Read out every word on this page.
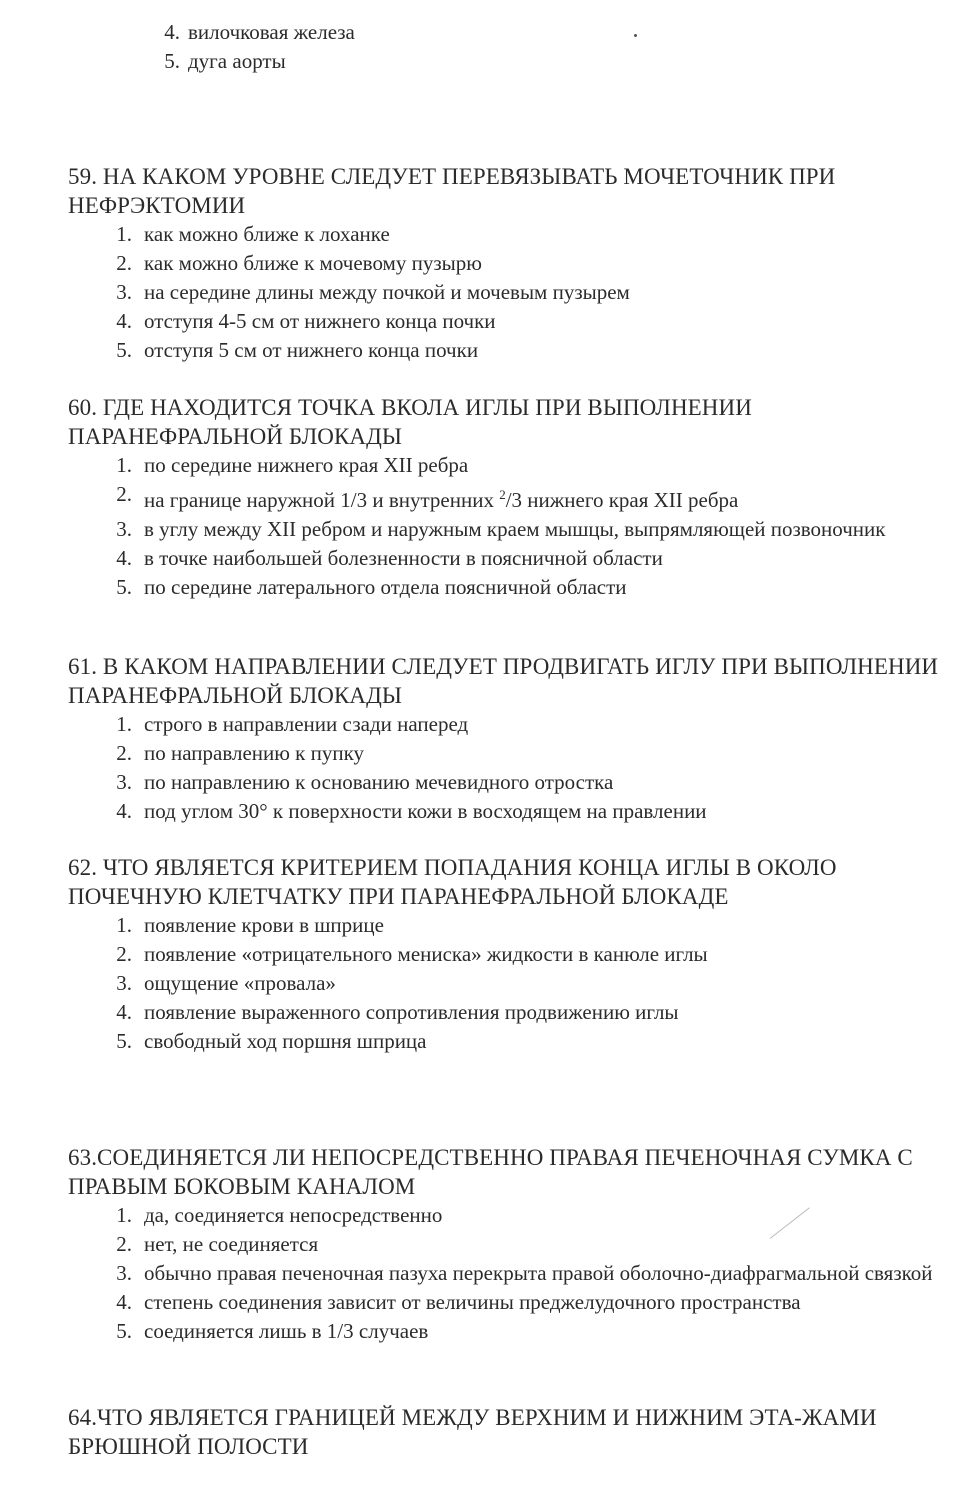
4. вилочковая железа
5. дуга аорты

59. НА КАКОМ УРОВНЕ СЛЕДУЕТ ПЕРЕВЯЗЫВАТЬ МОЧЕТОЧНИК ПРИ НЕФРЭКТОМИИ

1. как можно ближе к лоханке
2. как можно ближе к мочевому пузырю
3. на середине длины между почкой и мочевым пузырем
4. отступя 4-5 см от нижнего конца почки
5. отступя 5 см от нижнего конца почки

60. ГДЕ НАХОДИТСЯ ТОЧКА ВКОЛА ИГЛЫ ПРИ ВЫПОЛНЕНИИ ПАРАНЕФРАЛЬНОЙ БЛОКАДЫ

1. по середине нижнего края XII ребра
2. на границе наружной 1/3 и внутренних $^2$/3 нижнего края XII ребра
3. в углу между XII ребром и наружным краем мышцы, выпрямляющей позвоночник
4. в точке наибольшей болезненности в поясничной области
5. по середине латерального отдела поясничной области

61. В КАКОМ НАПРАВЛЕНИИ СЛЕДУЕТ ПРОДВИГАТЬ ИГЛУ ПРИ ВЫПОЛНЕНИИ ПАРАНЕФРАЛЬНОЙ БЛОКАДЫ

1. строго в направлении сзади наперед
2. по направлению к пупку
3. по направлению к основанию мечевидного отростка
4. под углом 30° к поверхности кожи в восходящем на правлении

62. ЧТО ЯВЛЯЕТСЯ КРИТЕРИЕМ ПОПАДАНИЯ КОНЦА ИГЛЫ В ОКОЛО ПОЧЕЧНУЮ КЛЕТЧАТКУ ПРИ ПАРАНЕФРАЛЬНОЙ БЛОКАДЕ

1. появление крови в шприце
2. появление «отрицательного мениска» жидкости в канюле иглы
3. ощущение «провала»
4. появление выраженного сопротивления продвижению иглы
5. свободный ход поршня шприца

63.СОЕДИНЯЕТСЯ ЛИ НЕПОСРЕДСТВЕННО ПРАВАЯ ПЕЧЕНОЧНАЯ СУМКА С ПРАВЫМ БОКОВЫМ КАНАЛОМ

1. да, соединяется непосредственно
2. нет, не соединяется
3. обычно правая печеночная пазуха перекрыта правой оболочно-диафрагмальной связкой
4. степень соединения зависит от величины преджелудочного пространства
5. соединяется лишь в 1/3 случаев

64.ЧТО ЯВЛЯЕТСЯ ГРАНИЦЕЙ МЕЖДУ ВЕРХНИМ И НИЖНИМ ЭТА-ЖАМИ БРЮШНОЙ ПОЛОСТИ
